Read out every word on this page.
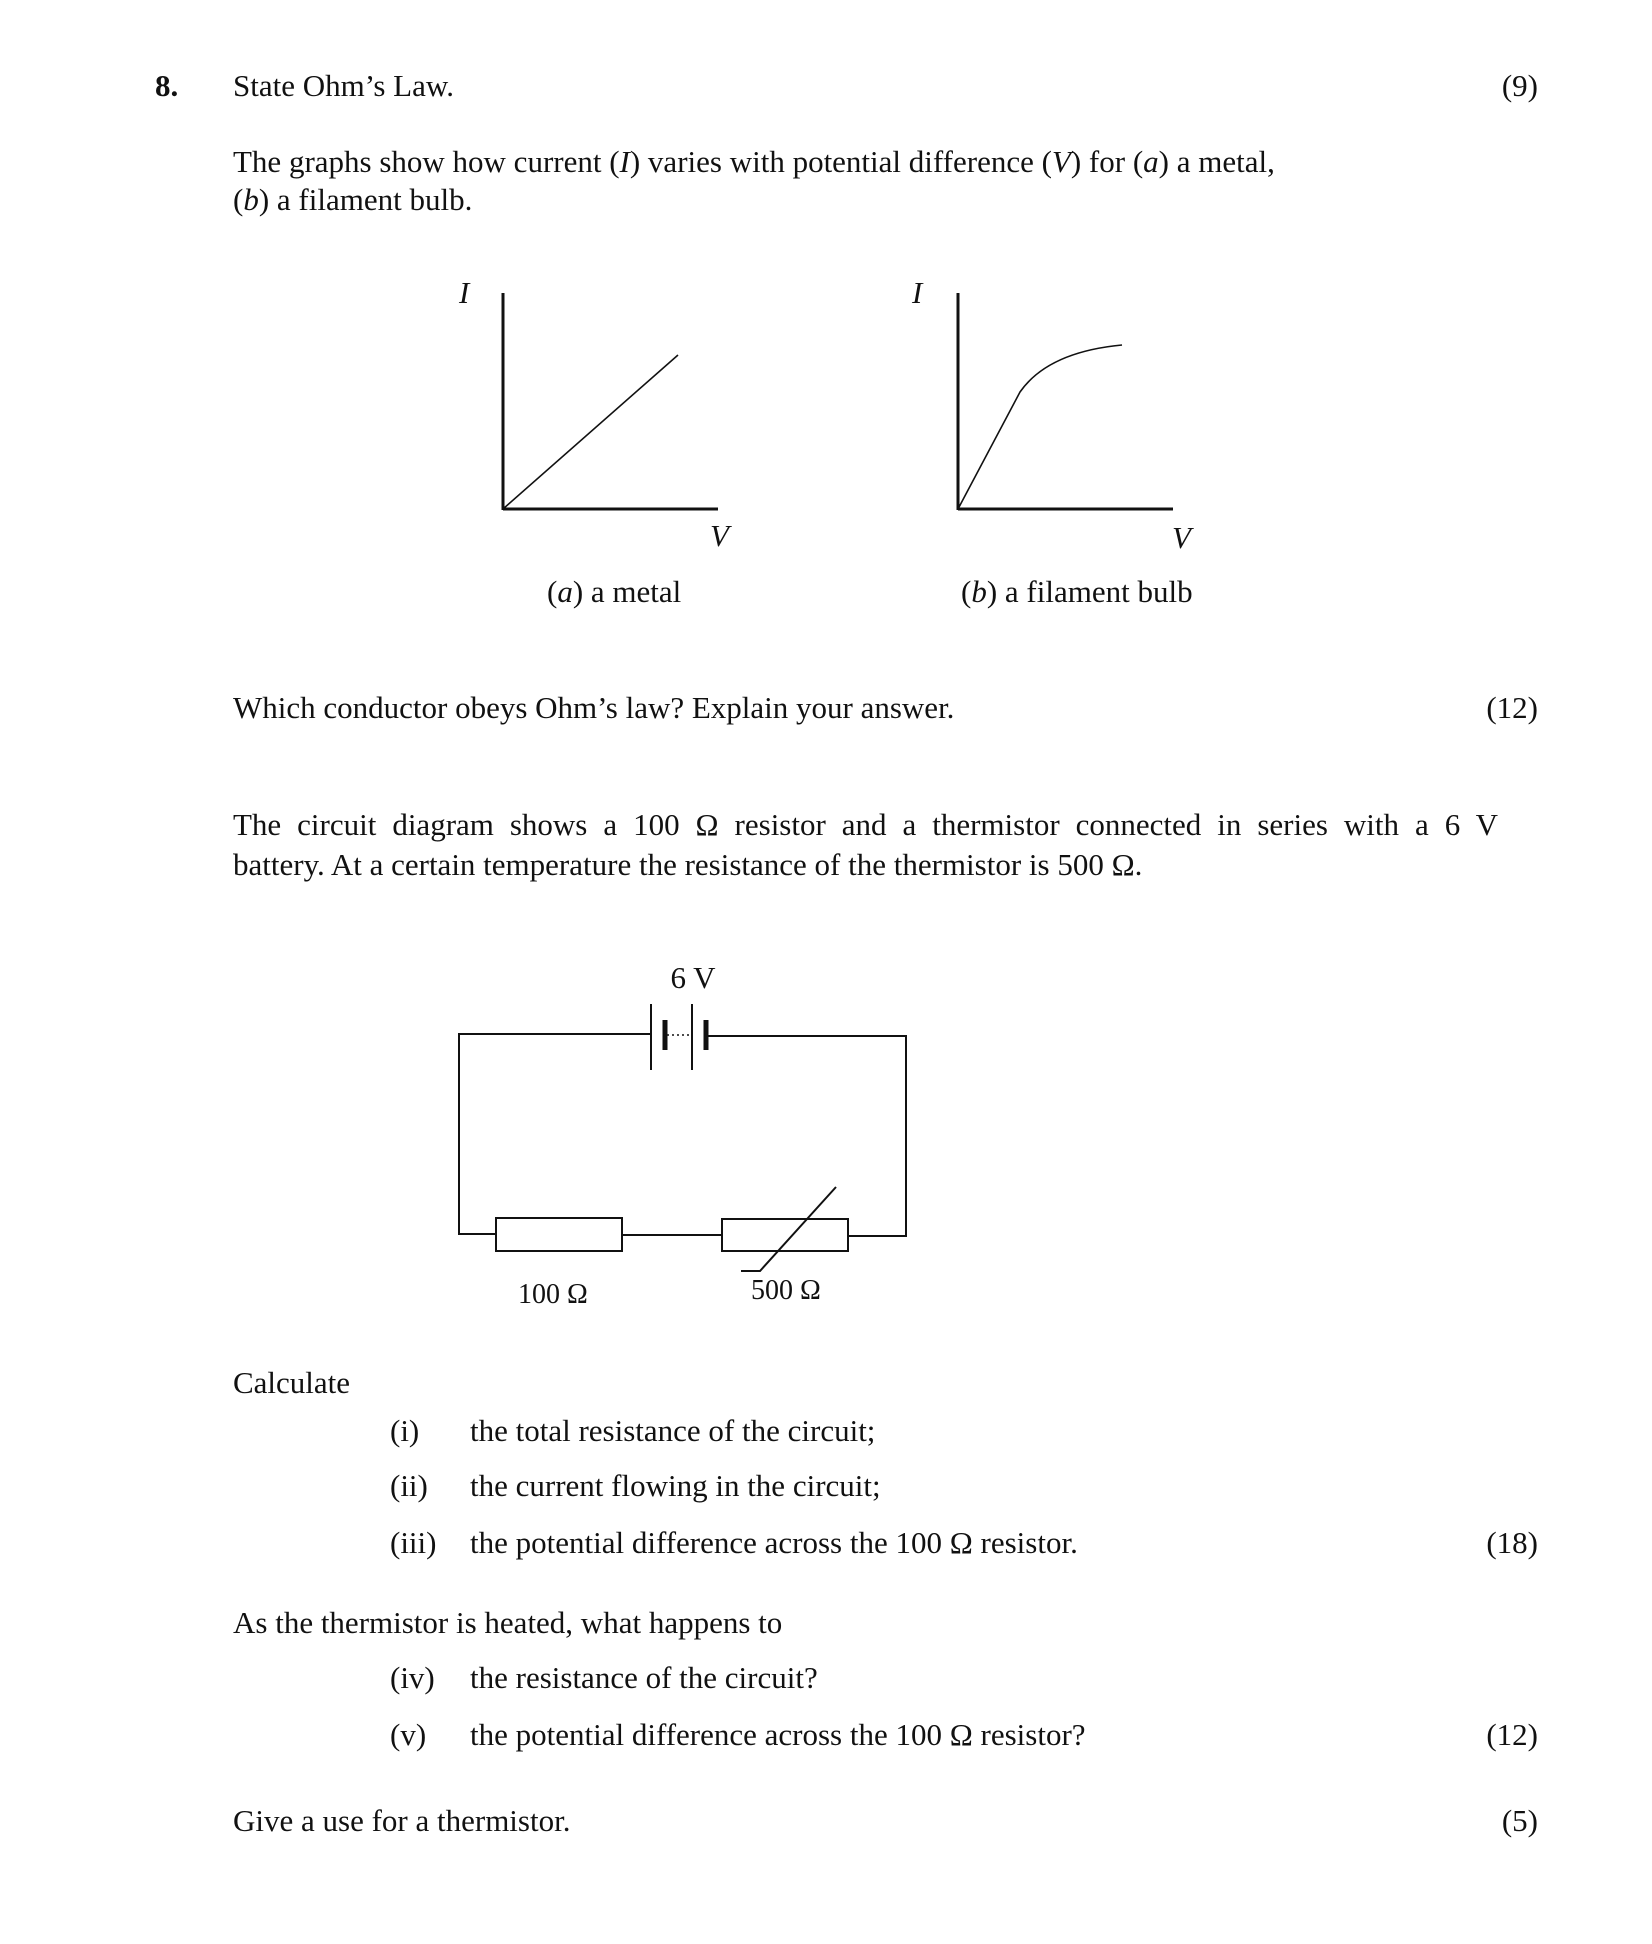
8. State Ohm’s Law.	(9)

The graphs show how current (I) varies with potential difference (V) for (a) a metal,

(b) a filament bulb.

I
V
(a) a metal
I
V
(b) a filament bulb

Which conductor obeys Ohm’s law? Explain your answer.	(12)

The circuit diagram shows a 100 Ω resistor and a thermistor connected in series with a 6 V

battery. At a certain temperature the resistance of the thermistor is 500 Ω.

6 V
100 Ω	500 Ω

Calculate

(i)	the total resistance of the circuit;

(ii)	the current flowing in the circuit;

(iii)	the potential difference across the 100 Ω resistor.	(18)

As the thermistor is heated, what happens to

(iv)	the resistance of the circuit?

(v)	the potential difference across the 100 Ω resistor?	(12)

Give a use for a thermistor.	(5)
